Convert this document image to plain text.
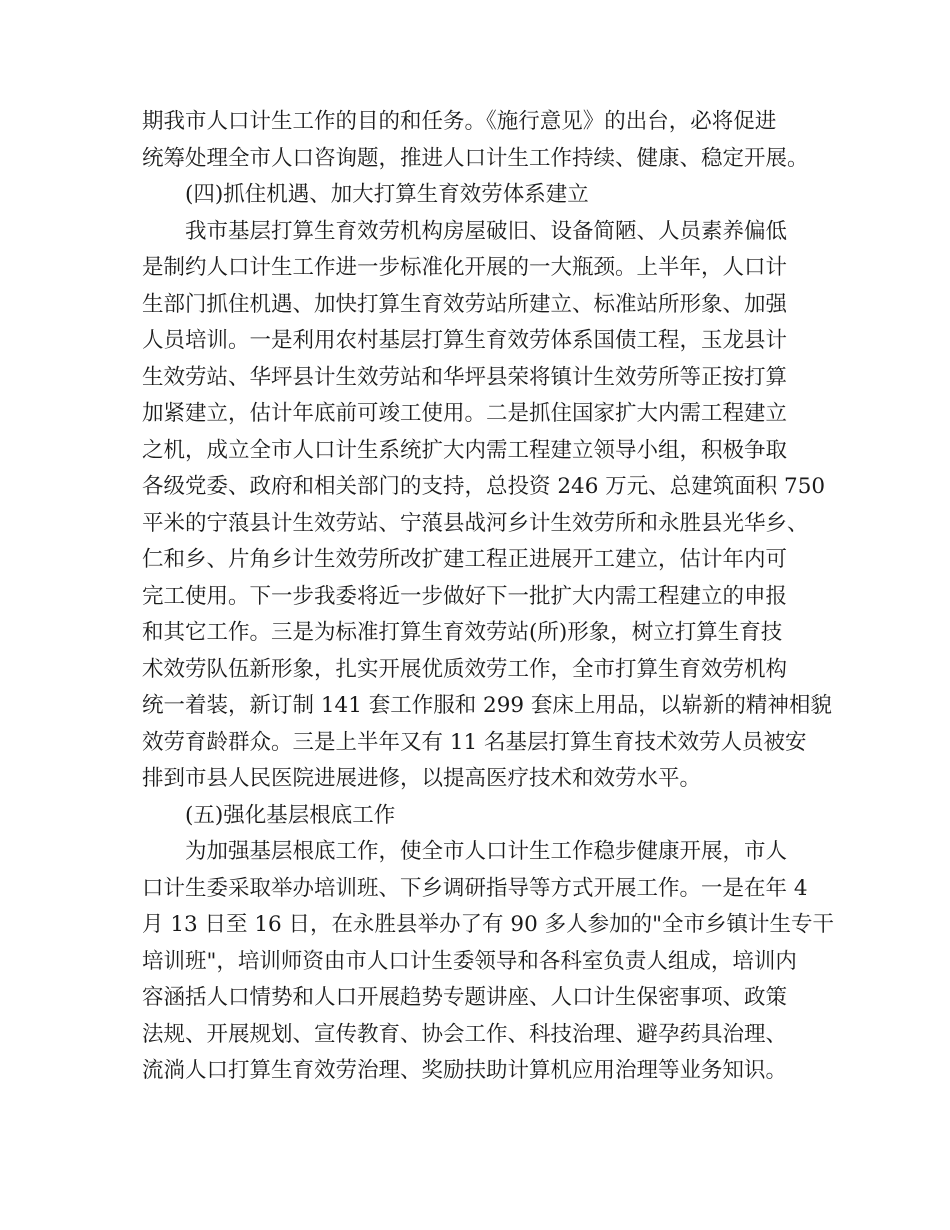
期我市人口计生工作的目的和任务。《施行意见》的出台，必将促进
统筹处理全市人口咨询题，推进人口计生工作持续、健康、稳定开展。
(四)抓住机遇、加大打算生育效劳体系建立
我市基层打算生育效劳机构房屋破旧、设备简陋、人员素养偏低
是制约人口计生工作进一步标准化开展的一大瓶颈。上半年，人口计
生部门抓住机遇、加快打算生育效劳站所建立、标准站所形象、加强
人员培训。一是利用农村基层打算生育效劳体系国债工程，玉龙县计
生效劳站、华坪县计生效劳站和华坪县荣将镇计生效劳所等正按打算
加紧建立，估计年底前可竣工使用。二是抓住国家扩大内需工程建立
之机，成立全市人口计生系统扩大内需工程建立领导小组，积极争取
各级党委、政府和相关部门的支持，总投资 246 万元、总建筑面积 750
平米的宁蒗县计生效劳站、宁蒗县战河乡计生效劳所和永胜县光华乡、
仁和乡、片角乡计生效劳所改扩建工程正进展开工建立，估计年内可
完工使用。下一步我委将近一步做好下一批扩大内需工程建立的申报
和其它工作。三是为标准打算生育效劳站(所)形象，树立打算生育技
术效劳队伍新形象，扎实开展优质效劳工作，全市打算生育效劳机构
统一着装，新订制 141 套工作服和 299 套床上用品，以崭新的精神相貌
效劳育龄群众。三是上半年又有 11 名基层打算生育技术效劳人员被安
排到市县人民医院进展进修，以提高医疗技术和效劳水平。
(五)强化基层根底工作
为加强基层根底工作，使全市人口计生工作稳步健康开展，市人
口计生委采取举办培训班、下乡调研指导等方式开展工作。一是在年 4
月 13 日至 16 日，在永胜县举办了有 90 多人参加的"全市乡镇计生专干
培训班"，培训师资由市人口计生委领导和各科室负责人组成，培训内
容涵括人口情势和人口开展趋势专题讲座、人口计生保密事项、政策
法规、开展规划、宣传教育、协会工作、科技治理、避孕药具治理、
流淌人口打算生育效劳治理、奖励扶助计算机应用治理等业务知识。
